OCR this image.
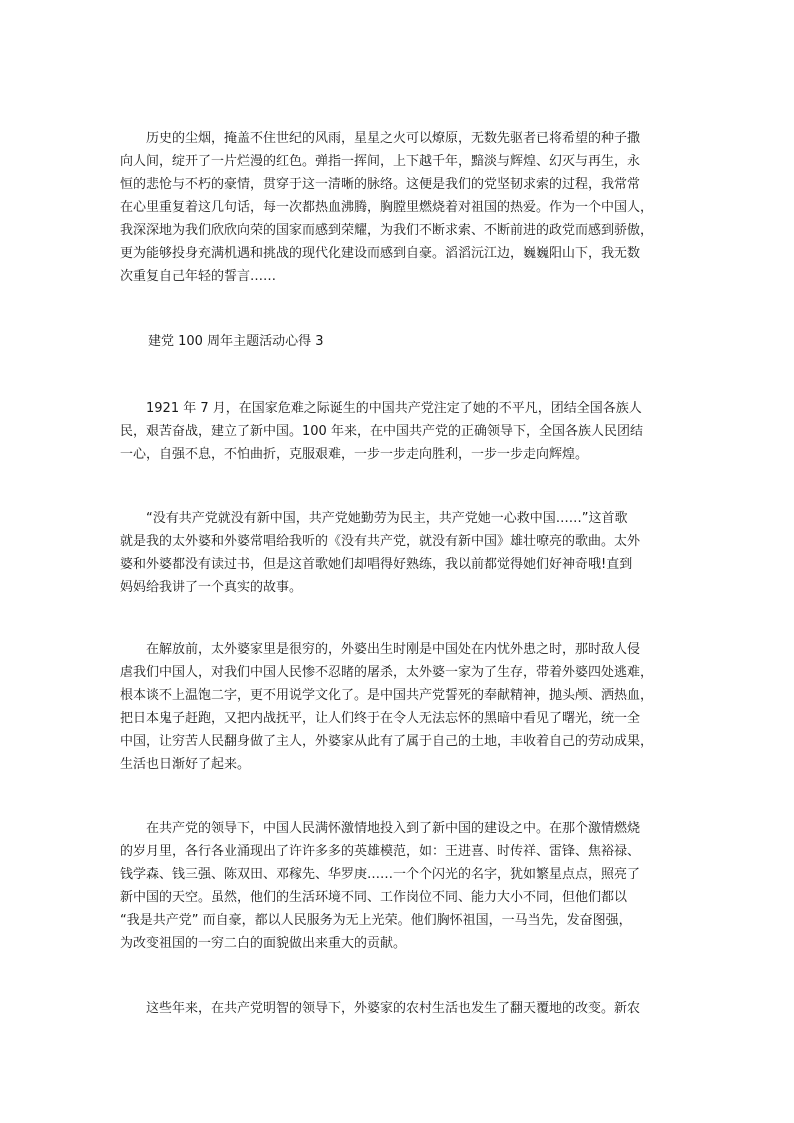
　　历史的尘烟，掩盖不住世纪的风雨，星星之火可以燎原，无数先驱者已将希望的种子撒
向人间，绽开了一片烂漫的红色。弹指一挥间，上下越千年，黯淡与辉煌、幻灭与再生，永
恒的悲怆与不朽的豪情，贯穿于这一清晰的脉络。这便是我们的党坚韧求索的过程，我常常
在心里重复着这几句话，每一次都热血沸腾，胸膛里燃烧着对祖国的热爱。作为一个中国人，
我深深地为我们欣欣向荣的国家而感到荣耀，为我们不断求索、不断前进的政党而感到骄傲，
更为能够投身充满机遇和挑战的现代化建设而感到自豪。滔滔沅江边，巍巍阳山下，我无数
次重复自己年轻的誓言……
建党 100 周年主题活动心得 3
　　1921 年 7 月，在国家危难之际诞生的中国共产党注定了她的不平凡，团结全国各族人
民，艰苦奋战，建立了新中国。100 年来，在中国共产党的正确领导下，全国各族人民团结
一心，自强不息，不怕曲折，克服艰难，一步一步走向胜利，一步一步走向辉煌。
　　“没有共产党就没有新中国，共产党她勤劳为民主，共产党她一心救中国……”这首歌
就是我的太外婆和外婆常唱给我听的《没有共产党，就没有新中国》雄壮嘹亮的歌曲。太外
婆和外婆都没有读过书，但是这首歌她们却唱得好熟练，我以前都觉得她们好神奇哦!直到
妈妈给我讲了一个真实的故事。
　　在解放前，太外婆家里是很穷的，外婆出生时刚是中国处在内忧外患之时，那时敌人侵
虐我们中国人，对我们中国人民惨不忍睹的屠杀，太外婆一家为了生存，带着外婆四处逃难，
根本谈不上温饱二字，更不用说学文化了。是中国共产党誓死的奉献精神，抛头颅、洒热血，
把日本鬼子赶跑，又把内战抚平，让人们终于在令人无法忘怀的黑暗中看见了曙光，统一全
中国，让穷苦人民翻身做了主人，外婆家从此有了属于自己的土地，丰收着自己的劳动成果，
生活也日渐好了起来。
　　在共产党的领导下，中国人民满怀激情地投入到了新中国的建设之中。在那个激情燃烧
的岁月里，各行各业涌现出了许许多多的英雄模范，如：王进喜、时传祥、雷锋、焦裕禄、
钱学森、钱三强、陈双田、邓稼先、华罗庚……一个个闪光的名字，犹如繁星点点，照亮了
新中国的天空。虽然，他们的生活环境不同、工作岗位不同、能力大小不同，但他们都以
“我是共产党” 而自豪，都以人民服务为无上光荣。他们胸怀祖国，一马当先，发奋图强，
为改变祖国的一穷二白的面貌做出来重大的贡献。
　　这些年来，在共产党明智的领导下，外婆家的农村生活也发生了翻天覆地的改变。新农
